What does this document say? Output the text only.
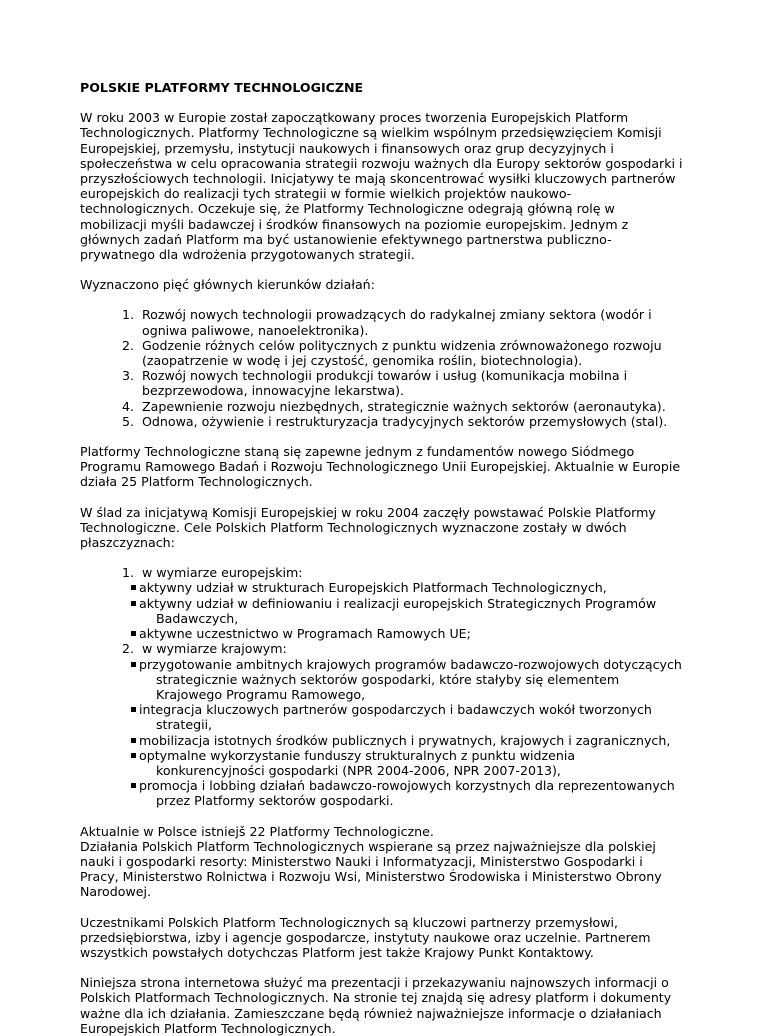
POLSKIE PLATFORMY TECHNOLOGICZNE

W roku 2003 w Europie został zapoczątkowany proces tworzenia Europejskich Platform Technologicznych. Platformy Technologiczne są wielkim wspólnym przedsięwzięciem Komisji Europejskiej, przemysłu, instytucji naukowych i finansowych oraz grup decyzyjnych i społeczeństwa w celu opracowania strategii rozwoju ważnych dla Europy sektorów gospodarki i przyszłościowych technologii. Inicjatywy te mają skoncentrować wysiłki kluczowych partnerów europejskich do realizacji tych strategii w formie wielkich projektów naukowo-technologicznych. Oczekuje się, że Platformy Technologiczne odegrają główną rolę w mobilizacji myśli badawczej i środków finansowych na poziomie europejskim. Jednym z głównych zadań Platform ma być ustanowienie efektywnego partnerstwa publiczno-prywatnego dla wdrożenia przygotowanych strategii.

Wyznaczono pięć głównych kierunków działań:

1. Rozwój nowych technologii prowadzących do radykalnej zmiany sektora (wodór i ogniwa paliwowe, nanoelektronika).
2. Godzenie różnych celów politycznych z punktu widzenia zrównoważonego rozwoju (zaopatrzenie w wodę i jej czystość, genomika roślin, biotechnologia).
3. Rozwój nowych technologii produkcji towarów i usług (komunikacja mobilna i bezprzewodowa, innowacyjne lekarstwa).
4. Zapewnienie rozwoju niezbędnych, strategicznie ważnych sektorów (aeronautyka).
5. Odnowa, ożywienie i restrukturyzacja tradycyjnych sektorów przemysłowych (stal).

Platformy Technologiczne staną się zapewne jednym z fundamentów nowego Siódmego Programu Ramowego Badań i Rozwoju Technologicznego Unii Europejskiej. Aktualnie w Europie działa 25 Platform Technologicznych.

W ślad za inicjatywą Komisji Europejskiej w roku 2004 zaczęły powstawać Polskie Platformy Technologiczne. Cele Polskich Platform Technologicznych wyznaczone zostały w dwóch płaszczyznach:

1. w wymiarze europejskim:
aktywny udział w strukturach Europejskich Platformach Technologicznych,
aktywny udział w definiowaniu i realizacji europejskich Strategicznych Programów Badawczych,
aktywne uczestnictwo w Programach Ramowych UE;
2. w wymiarze krajowym:
przygotowanie ambitnych krajowych programów badawczo-rozwojowych dotyczących strategicznie ważnych sektorów gospodarki, które stałyby się elementem Krajowego Programu Ramowego,
integracja kluczowych partnerów gospodarczych i badawczych wokół tworzonych strategii,
mobilizacja istotnych środków publicznych i prywatnych, krajowych i zagranicznych,
optymalne wykorzystanie funduszy strukturalnych z punktu widzenia konkurencyjności gospodarki (NPR 2004-2006, NPR 2007-2013),
promocja i lobbing działań badawczo-rowojowych korzystnych dla reprezentowanych przez Platformy sektorów gospodarki.

Aktualnie w Polsce istniejš 22 Platformy Technologiczne.
Działania Polskich Platform Technologicznych wspierane są przez najważniejsze dla polskiej nauki i gospodarki resorty: Ministerstwo Nauki i Informatyzacji, Ministerstwo Gospodarki i Pracy, Ministerstwo Rolnictwa i Rozwoju Wsi, Ministerstwo Środowiska i Ministerstwo Obrony Narodowej.

Uczestnikami Polskich Platform Technologicznych są kluczowi partnerzy przemysłowi, przedsiębiorstwa, izby i agencje gospodarcze, instytuty naukowe oraz uczelnie. Partnerem wszystkich powstałych dotychczas Platform jest także Krajowy Punkt Kontaktowy.

Niniejsza strona internetowa służyć ma prezentacji i przekazywaniu najnowszych informacji o Polskich Platformach Technologicznych. Na stronie tej znajdą się adresy platform i dokumenty ważne dla ich działania. Zamieszczane będą również najważniejsze informacje o działaniach Europejskich Platform Technologicznych.
